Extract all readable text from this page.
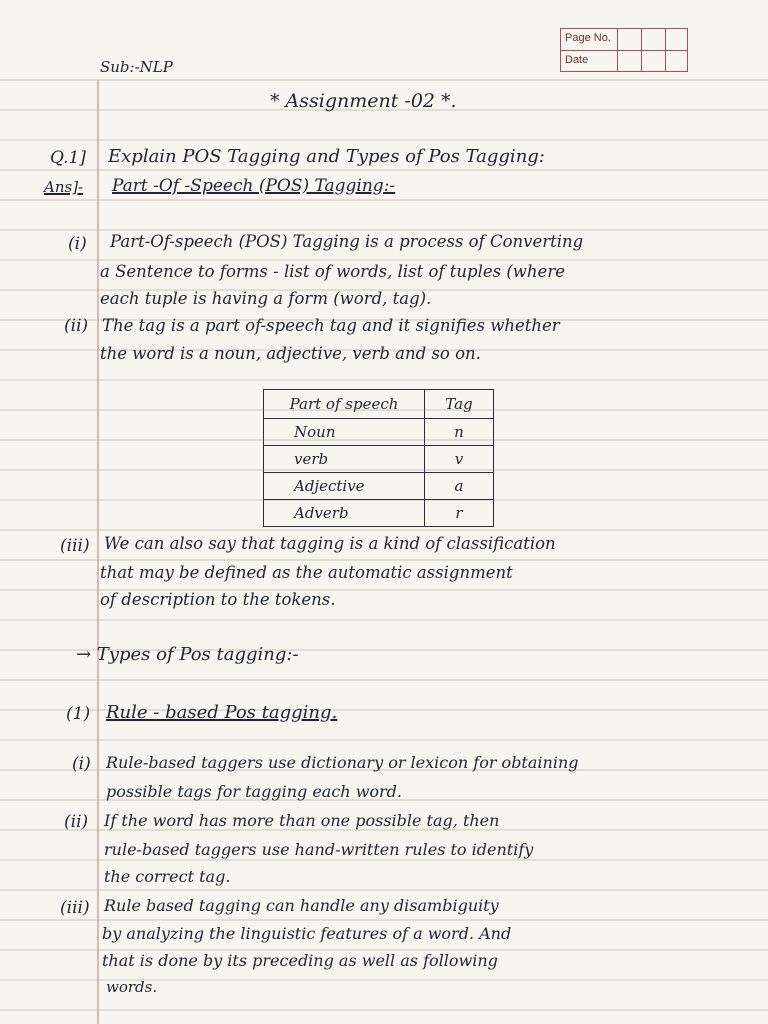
Page No.
Date
Sub:-NLP
* Assignment -02 *.
Q.1] Explain POS Tagging and Types of Pos Tagging:
Ans]- Part -Of -Speech (POS) Tagging:-
(i) Part-Of-speech (POS) Tagging is a process of Converting
a Sentence to forms - list of words, list of tuples (where
each tuple is having a form (word, tag).
(ii) The tag is a part of-speech tag and it signifies whether
the word is a noun, adjective, verb and so on.
Part of speech	Tag
Noun	n
verb	v
Adjective	a
Adverb	r
(iii) We can also say that tagging is a kind of classification
that may be defined as the automatic assignment
of description to the tokens.
→ Types of Pos tagging:-
(1) Rule - based Pos tagging.
(i) Rule-based taggers use dictionary or lexicon for obtaining
possible tags for tagging each word.
(ii) If the word has more than one possible tag, then
rule-based taggers use hand-written rules to identify
the correct tag.
(iii) Rule based tagging can handle any disambiguity
by analyzing the linguistic features of a word. And
that is done by its preceding as well as following
words.
